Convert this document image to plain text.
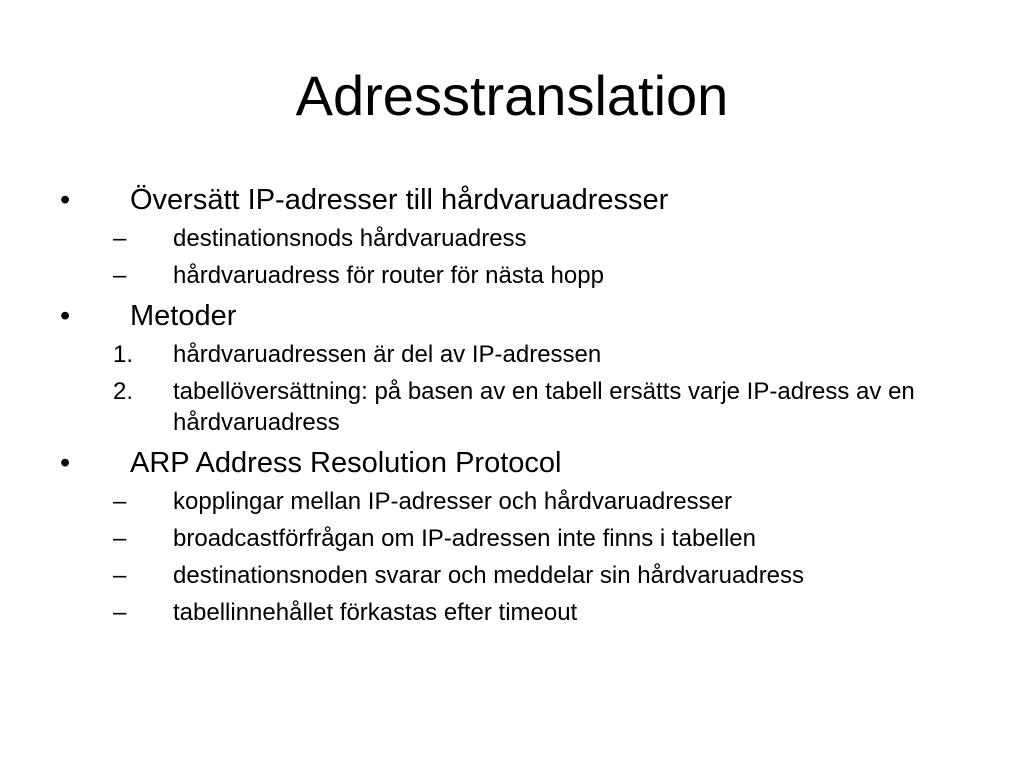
Adresstranslation
•	Översätt IP-adresser till hårdvaruadresser
–	destinationsnods hårdvaruadress
–	hårdvaruadress för router för nästa hopp
•	Metoder
1.	hårdvaruadressen är del av IP-adressen
2.	tabellöversättning: på basen av en tabell ersätts varje IP-adress av en hårdvaruadress
•	ARP Address Resolution Protocol
–	kopplingar mellan IP-adresser och hårdvaruadresser
–	broadcastförfrågan om IP-adressen inte finns i tabellen
–	destinationsnoden svarar och meddelar sin hårdvaruadress
–	tabellinnehållet förkastas efter timeout
